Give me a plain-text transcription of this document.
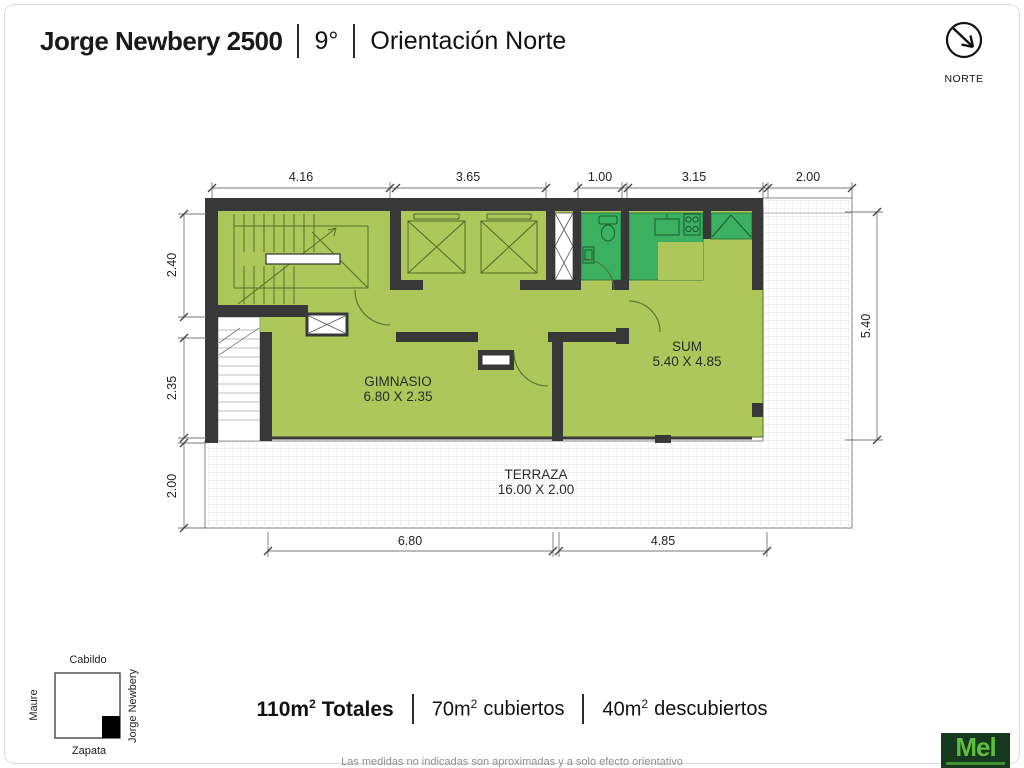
Jorge Newbery 2500 9° Orientación Norte
NORTE
4.16	3.65	1.00	3.15	2.00
2.40
2.35
2.00
5.40
6.80	4.85
GIMNASIO
6.80 X 2.35
SUM
5.40 X 4.85
TERRAZA
16.00 X 2.00
Cabildo
Zapata
Maure	Jorge Newbery	$110m^2$ Totales $70m^2$ cubiertos $40m^2$ descubiertos
Las medidas no indicadas son aproximadas y a solo efecto orientativo	Mel
